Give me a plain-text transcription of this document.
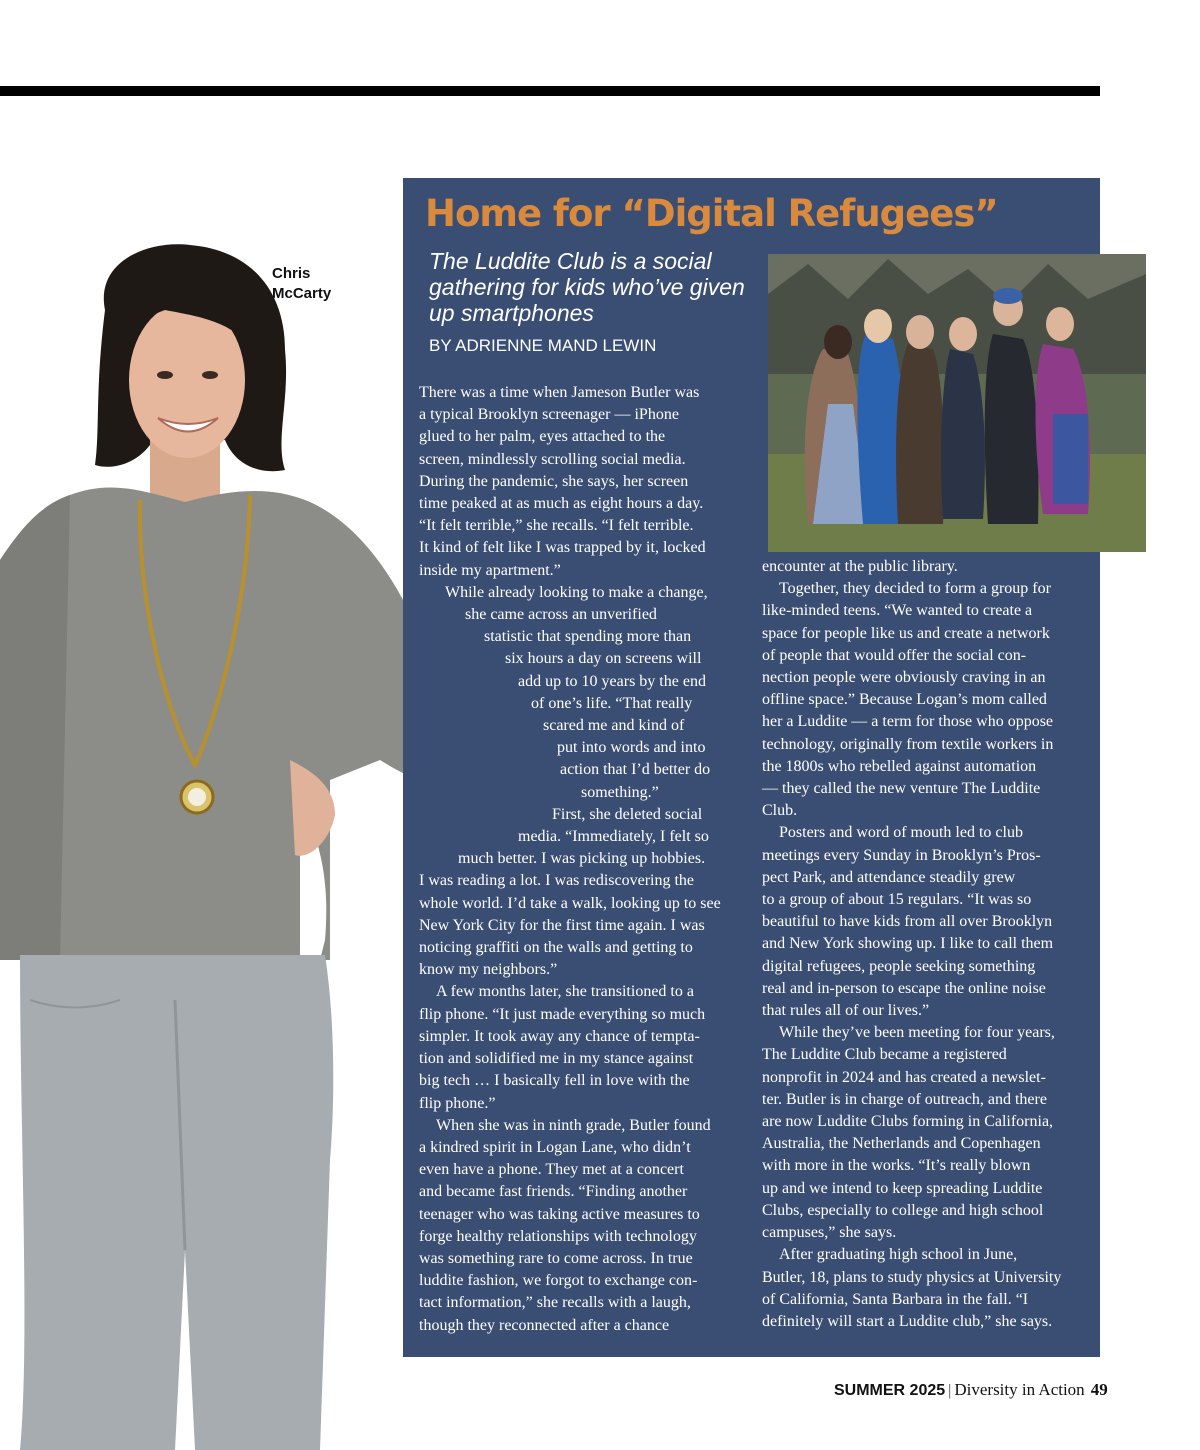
Chris
McCarty
Home for “Digital Refugees”
The Luddite Club is a social gathering for kids who’ve given up smartphones
BY ADRIENNE MAND LEWIN
There was a time when Jameson Butler was
a typical Brooklyn screenager — iPhone
glued to her palm, eyes attached to the
screen, mindlessly scrolling social media.
During the pandemic, she says, her screen
time peaked at as much as eight hours a day.
“It felt terrible,” she recalls. “I felt terrible.
It kind of felt like I was trapped by it, locked
inside my apartment.”
While already looking to make a change,
she came across an unverified
statistic that spending more than
six hours a day on screens will
add up to 10 years by the end
of one’s life. “That really
scared me and kind of
put into words and into
action that I’d better do
something.”
First, she deleted social
media. “Immediately, I felt so
much better. I was picking up hobbies.
I was reading a lot. I was rediscovering the
whole world. I’d take a walk, looking up to see
New York City for the first time again. I was
noticing graffiti on the walls and getting to
know my neighbors.”
A few months later, she transitioned to a
flip phone. “It just made everything so much
simpler. It took away any chance of tempta-
tion and solidified me in my stance against
big tech … I basically fell in love with the
flip phone.”
When she was in ninth grade, Butler found
a kindred spirit in Logan Lane, who didn’t
even have a phone. They met at a concert
and became fast friends. “Finding another
teenager who was taking active measures to
forge healthy relationships with technology
was something rare to come across. In true
luddite fashion, we forgot to exchange con-
tact information,” she recalls with a laugh,
though they reconnected after a chance
encounter at the public library.
Together, they decided to form a group for
like-minded teens. “We wanted to create a
space for people like us and create a network
of people that would offer the social con-
nection people were obviously craving in an
offline space.” Because Logan’s mom called
her a Luddite — a term for those who oppose
technology, originally from textile workers in
the 1800s who rebelled against automation
— they called the new venture The Luddite
Club.
Posters and word of mouth led to club
meetings every Sunday in Brooklyn’s Pros-
pect Park, and attendance steadily grew
to a group of about 15 regulars. “It was so
beautiful to have kids from all over Brooklyn
and New York showing up. I like to call them
digital refugees, people seeking something
real and in-person to escape the online noise
that rules all of our lives.”
While they’ve been meeting for four years,
The Luddite Club became a registered
nonprofit in 2024 and has created a newslet-
ter. Butler is in charge of outreach, and there
are now Luddite Clubs forming in California,
Australia, the Netherlands and Copenhagen
with more in the works. “It’s really blown
up and we intend to keep spreading Luddite
Clubs, especially to college and high school
campuses,” she says.
After graduating high school in June,
Butler, 18, plans to study physics at University
of California, Santa Barbara in the fall. “I
definitely will start a Luddite club,” she says.
SUMMER 2025 | Diversity in Action 49
